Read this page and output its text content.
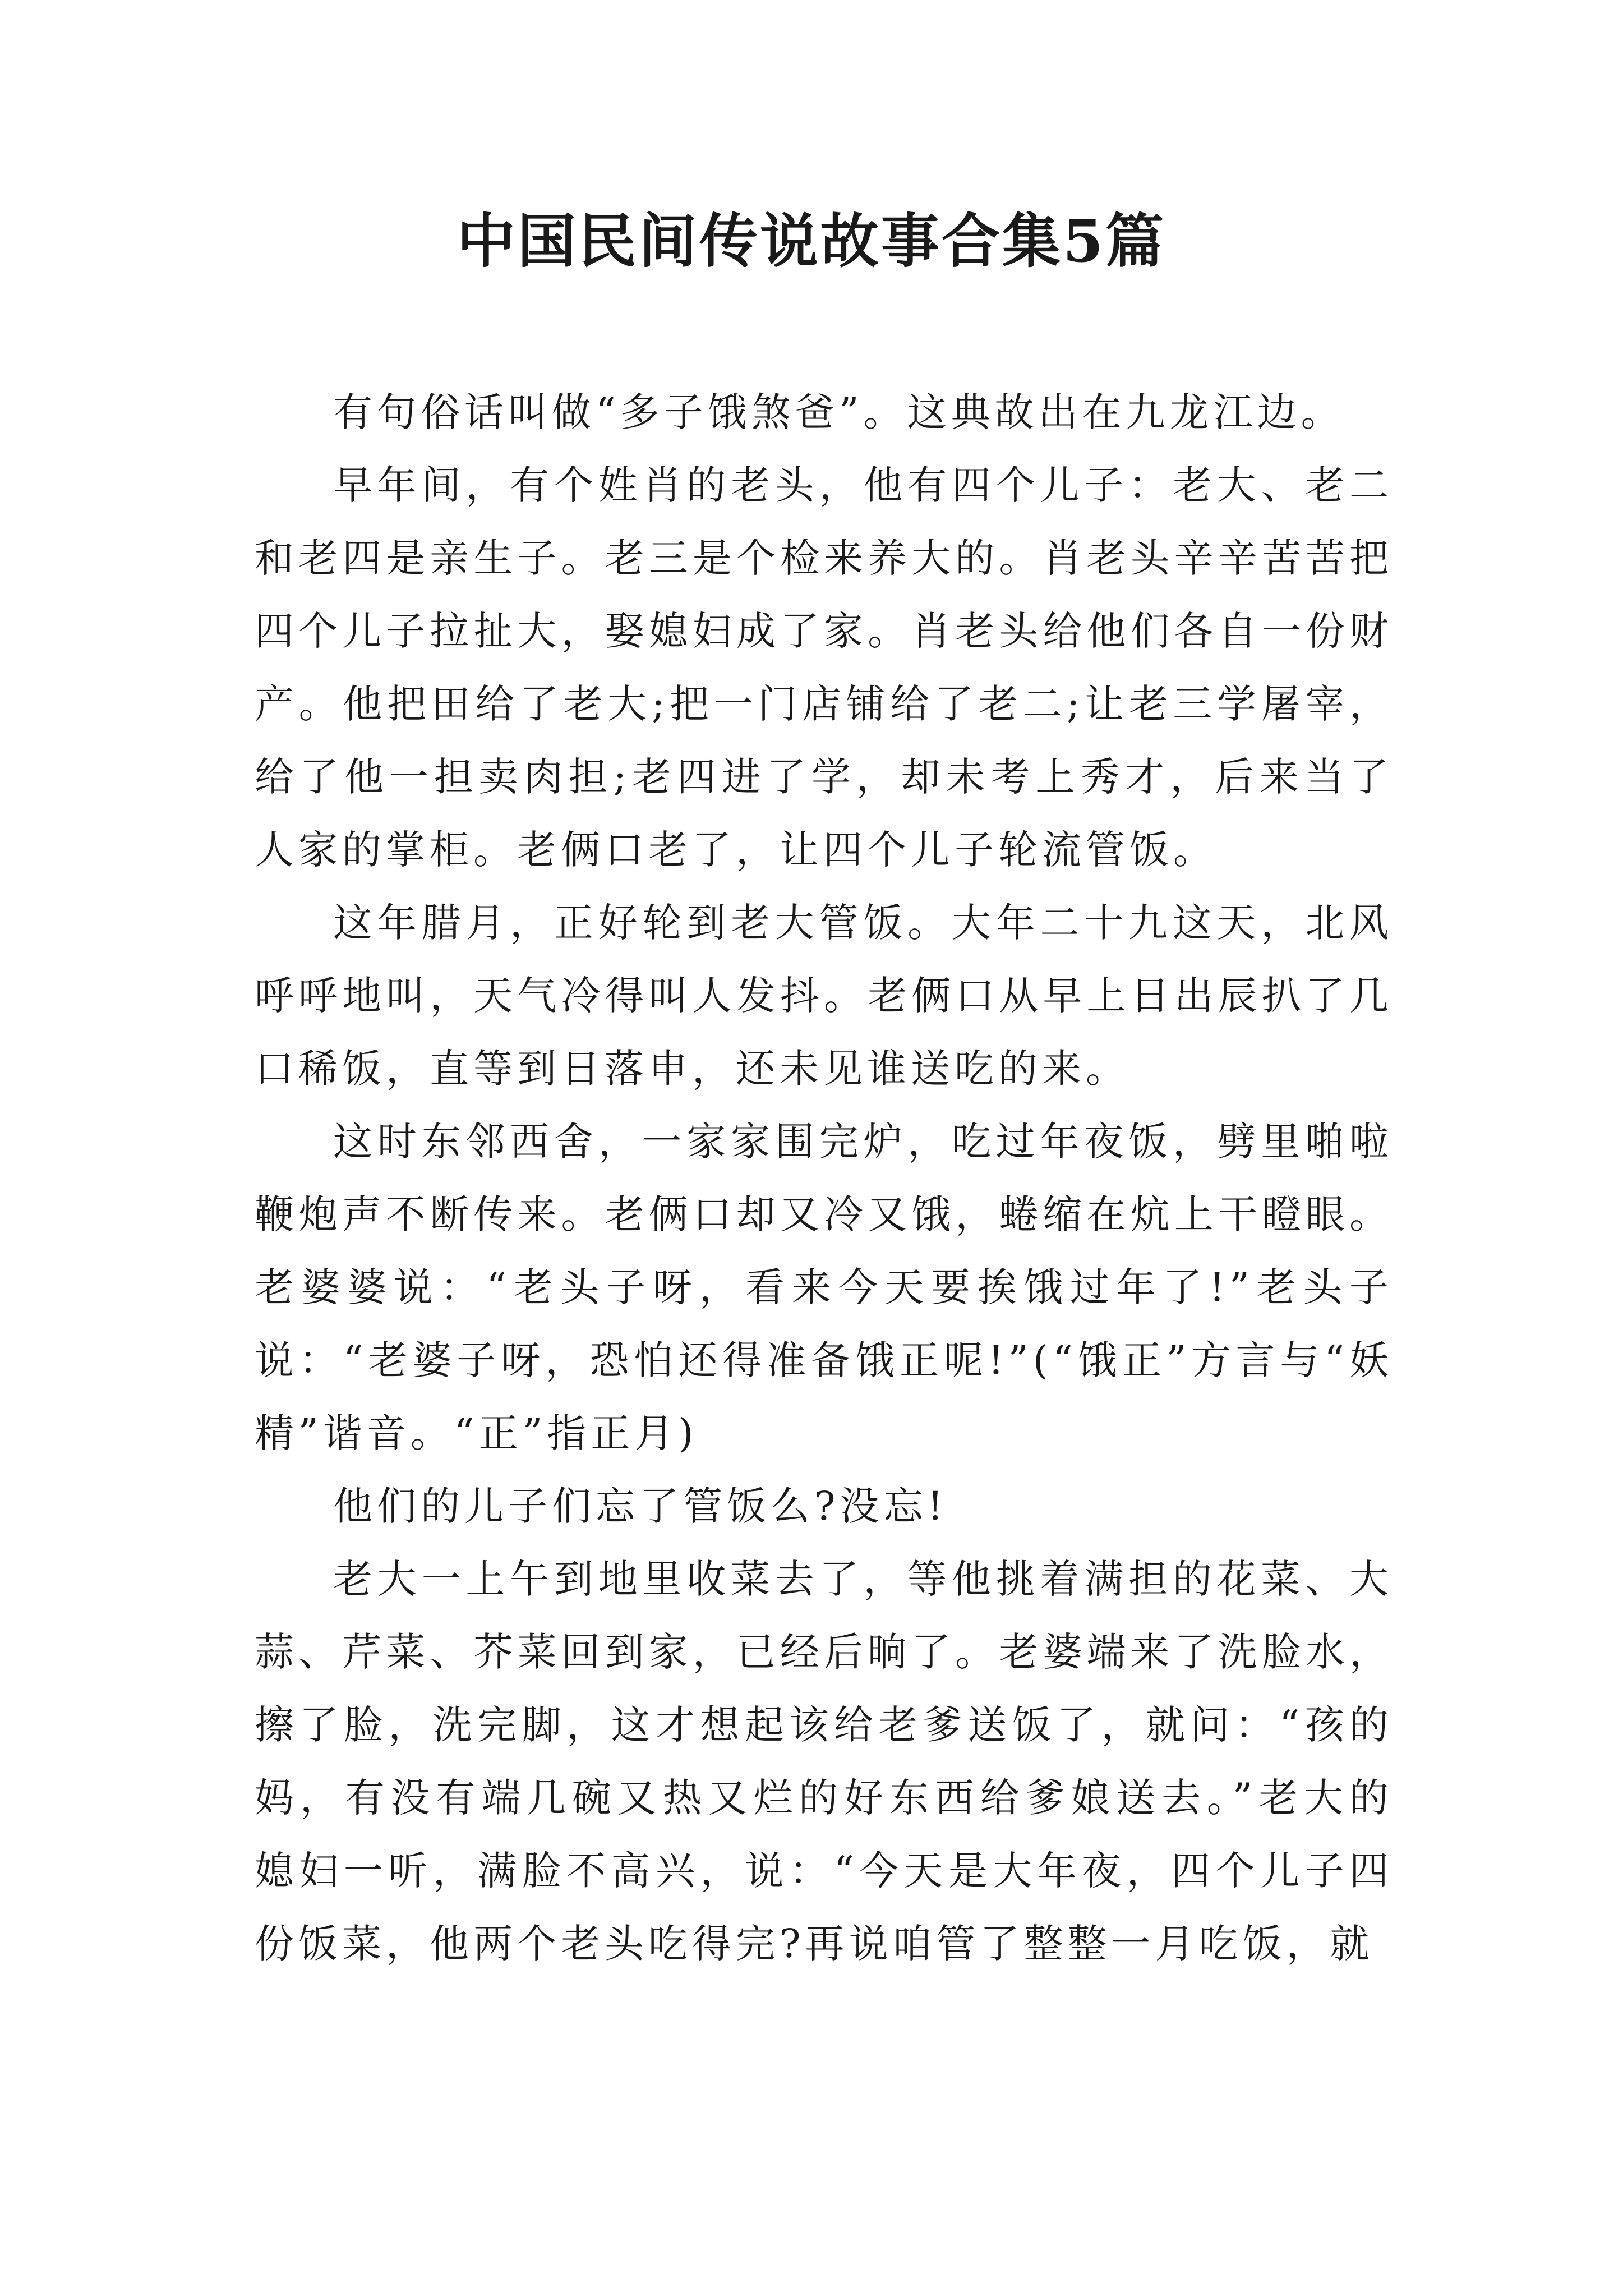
中国民间传说故事合集5篇

有句俗话叫做“多子饿煞爸”。这典故出在九龙江边。

早年间，有个姓肖的老头，他有四个儿子：老大、老二和老四是亲生子。老三是个检来养大的。肖老头辛辛苦苦把四个儿子拉扯大，娶媳妇成了家。肖老头给他们各自一份财产。他把田给了老大;把一门店铺给了老二;让老三学屠宰，给了他一担卖肉担;老四进了学，却未考上秀才，后来当了人家的掌柜。老俩口老了，让四个儿子轮流管饭。

这年腊月，正好轮到老大管饭。大年二十九这天，北风呼呼地叫，天气冷得叫人发抖。老俩口从早上日出辰扒了几口稀饭，直等到日落申，还未见谁送吃的来。

这时东邻西舍，一家家围完炉，吃过年夜饭，劈里啪啦鞭炮声不断传来。老俩口却又冷又饿，蜷缩在炕上干瞪眼。老婆婆说：“老头子呀，看来今天要挨饿过年了!”老头子说：“老婆子呀，恐怕还得准备饿正呢!”(“饿正”方言与“妖精”谐音。“正”指正月)

他们的儿子们忘了管饭么?没忘!

老大一上午到地里收菜去了，等他挑着满担的花菜、大蒜、芹菜、芥菜回到家，已经后晌了。老婆端来了洗脸水，擦了脸，洗完脚，这才想起该给老爹送饭了，就问：“孩的妈，有没有端几碗又热又烂的好东西给爹娘送去。”老大的媳妇一听，满脸不高兴，说：“今天是大年夜，四个儿子四份饭菜，他两个老头吃得完?再说咱管了整整一月吃饭，就
